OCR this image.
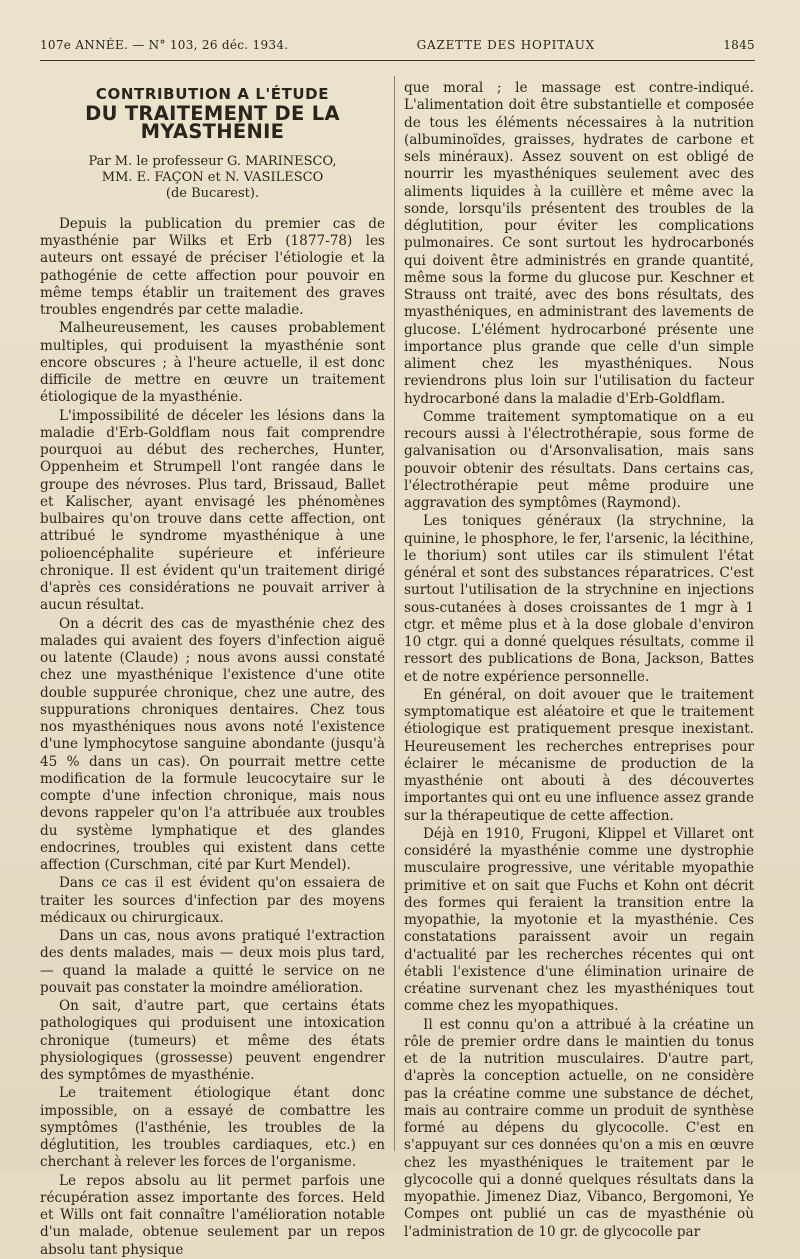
107e ANNÉE. — N° 103, 26 déc. 1934.	GAZETTE DES HOPITAUX	1845
CONTRIBUTION A L'ÉTUDE
DU TRAITEMENT DE LA MYASTHÉNIE
Par M. le professeur G. MARINESCO,
MM. E. FAÇON et N. VASILESCO
(de Bucarest).

Depuis la publication du premier cas de myasthénie par Wilks et Erb (1877-78) les auteurs ont essayé de préciser l'étiologie et la pathogénie de cette affection pour pouvoir en même temps établir un traitement des graves troubles engendrés par cette maladie.

Malheureusement, les causes probablement multiples, qui produisent la myasthénie sont encore obscures ; à l'heure actuelle, il est donc difficile de mettre en œuvre un traitement étiologique de la myasthénie.

L'impossibilité de déceler les lésions dans la maladie d'Erb-Goldflam nous fait comprendre pourquoi au début des recherches, Hunter, Oppenheim et Strumpell l'ont rangée dans le groupe des névroses. Plus tard, Brissaud, Ballet et Kalischer, ayant envisagé les phénomènes bulbaires qu'on trouve dans cette affection, ont attribué le syndrome myasthénique à une polioencéphalite supérieure et inférieure chronique. Il est évident qu'un traitement dirigé d'après ces considérations ne pouvait arriver à aucun résultat.

On a décrit des cas de myasthénie chez des malades qui avaient des foyers d'infection aiguë ou latente (Claude) ; nous avons aussi constaté chez une myasthénique l'existence d'une otite double suppurée chronique, chez une autre, des suppurations chroniques dentaires. Chez tous nos myasthéniques nous avons noté l'existence d'une lymphocytose sanguine abondante (jusqu'à 45 % dans un cas). On pourrait mettre cette modification de la formule leucocytaire sur le compte d'une infection chronique, mais nous devons rappeler qu'on l'a attribuée aux troubles du système lymphatique et des glandes endocrines, troubles qui existent dans cette affection (Curschman, cité par Kurt Mendel).

Dans ce cas il est évident qu'on essaiera de traiter les sources d'infection par des moyens médicaux ou chirurgicaux.

Dans un cas, nous avons pratiqué l'extraction des dents malades, mais — deux mois plus tard, — quand la malade a quitté le service on ne pouvait pas constater la moindre amélioration.

On sait, d'autre part, que certains états pathologiques qui produisent une intoxication chronique (tumeurs) et même des états physiologiques (grossesse) peuvent engendrer des symptômes de myasthénie.

Le traitement étiologique étant donc impossible, on a essayé de combattre les symptômes (l'asthénie, les troubles de la déglutition, les troubles cardiaques, etc.) en cherchant à relever les forces de l'organisme.

Le repos absolu au lit permet parfois une récupération assez importante des forces. Held et Wills ont fait connaître l'amélioration notable d'un malade, obtenue seulement par un repos absolu tant physique

que moral ; le massage est contre-indiqué. L'alimentation doit être substantielle et composée de tous les éléments nécessaires à la nutrition (albuminoïdes, graisses, hydrates de carbone et sels minéraux). Assez souvent on est obligé de nourrir les myasthéniques seulement avec des aliments liquides à la cuillère et même avec la sonde, lorsqu'ils présentent des troubles de la déglutition, pour éviter les complications pulmonaires. Ce sont surtout les hydrocarbonés qui doivent être administrés en grande quantité, même sous la forme du glucose pur. Keschner et Strauss ont traité, avec des bons résultats, des myasthéniques, en administrant des lavements de glucose. L'élément hydrocarboné présente une importance plus grande que celle d'un simple aliment chez les myasthéniques. Nous reviendrons plus loin sur l'utilisation du facteur hydrocarboné dans la maladie d'Erb-Goldflam.

Comme traitement symptomatique on a eu recours aussi à l'électrothérapie, sous forme de galvanisation ou d'Arsonvalisation, mais sans pouvoir obtenir des résultats. Dans certains cas, l'électrothérapie peut même produire une aggravation des symptômes (Raymond).

Les toniques généraux (la strychnine, la quinine, le phosphore, le fer, l'arsenic, la lécithine, le thorium) sont utiles car ils stimulent l'état général et sont des substances réparatrices. C'est surtout l'utilisation de la strychnine en injections sous-cutanées à doses croissantes de 1 mgr à 1 ctgr. et même plus et à la dose globale d'environ 10 ctgr. qui a donné quelques résultats, comme il ressort des publications de Bona, Jackson, Battes et de notre expérience personnelle.

En général, on doit avouer que le traitement symptomatique est aléatoire et que le traitement étiologique est pratiquement presque inexistant. Heureusement les recherches entreprises pour éclairer le mécanisme de production de la myasthénie ont abouti à des découvertes importantes qui ont eu une influence assez grande sur la thérapeutique de cette affection.

Déjà en 1910, Frugoni, Klippel et Villaret ont considéré la myasthénie comme une dystrophie musculaire progressive, une véritable myopathie primitive et on sait que Fuchs et Kohn ont décrit des formes qui feraient la transition entre la myopathie, la myotonie et la myasthénie. Ces constatations paraissent avoir un regain d'actualité par les recherches récentes qui ont établi l'existence d'une élimination urinaire de créatine survenant chez les myasthéniques tout comme chez les myopathiques.

Il est connu qu'on a attribué à la créatine un rôle de premier ordre dans le maintien du tonus et de la nutrition musculaires. D'autre part, d'après la conception actuelle, on ne considère pas la créatine comme une substance de déchet, mais au contraire comme un produit de synthèse formé au dépens du glycocolle. C'est en s'appuyant sur ces données qu'on a mis en œuvre chez les myasthéniques le traitement par le glycocolle qui a donné quelques résultats dans la myopathie. Jimenez Diaz, Vibanco, Bergomoni, Ye Compes ont publié un cas de myasthénie où l'administration de 10 gr. de glycocolle par
